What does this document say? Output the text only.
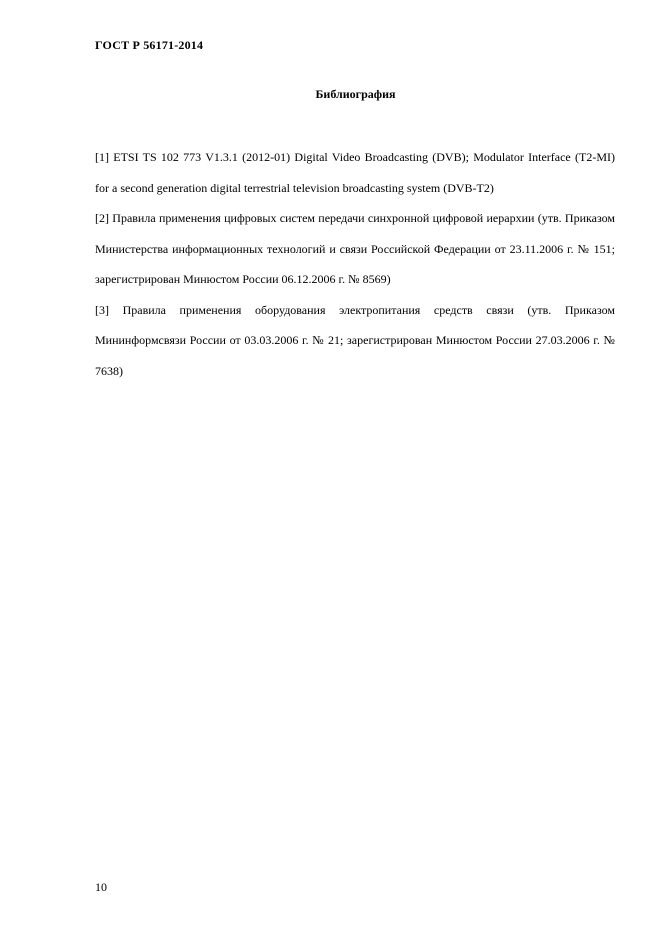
ГОСТ Р 56171-2014
Библиография

[1] ETSI TS 102 773 V1.3.1 (2012-01) Digital Video Broadcasting (DVB); Modulator Interface (T2-MI) for a second generation digital terrestrial television broadcasting system (DVB-T2)

[2] Правила применения цифровых систем передачи синхронной цифровой иерархии (утв. Приказом Министерства информационных технологий и связи Российской Федерации от 23.11.2006 г. № 151; зарегистрирован Минюстом России 06.12.2006 г. № 8569)

[3] Правила применения оборудования электропитания средств связи (утв. Приказом Мининформсвязи России от 03.03.2006 г. № 21; зарегистрирован Минюстом России 27.03.2006 г. № 7638)

10
